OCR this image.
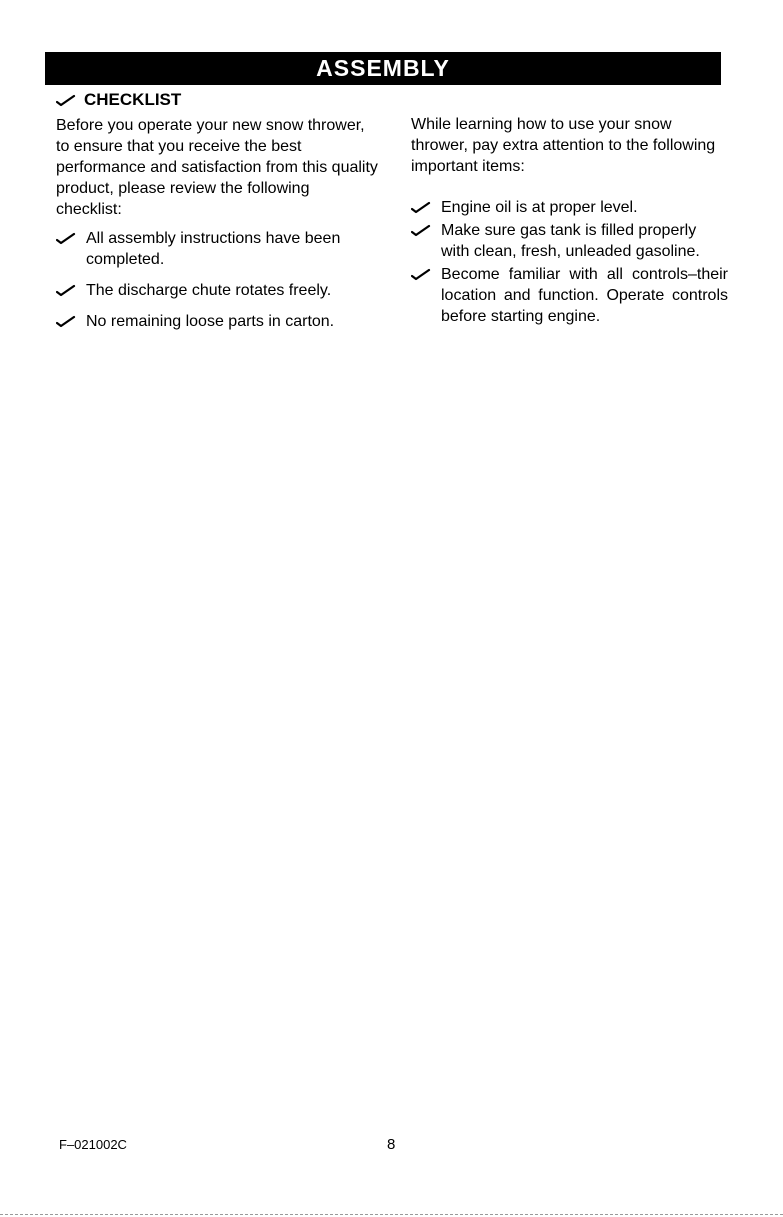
ASSEMBLY
CHECKLIST

Before you operate your new snow thrower, to ensure that you receive the best performance and satisfaction from this quality product, please review the following checklist:

All assembly instructions have been completed.
The discharge chute rotates freely.
No remaining loose parts in carton.

While learning how to use your snow thrower, pay extra attention to the following important items:

Engine oil is at proper level.
Make sure gas tank is filled properly with clean, fresh, unleaded gasoline.
Become familiar with all controls–their location and function. Operate controls before starting engine.
F–021002C	8
